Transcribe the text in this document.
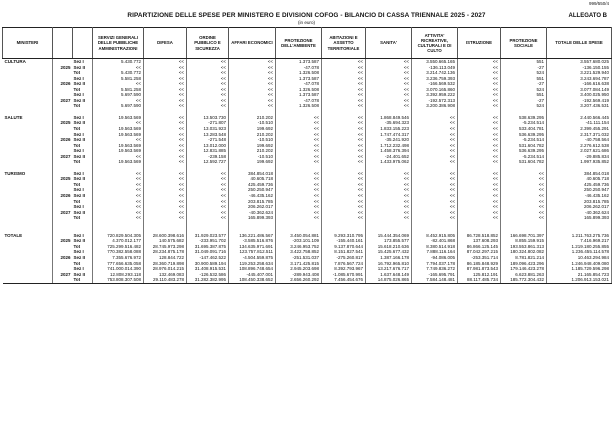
999/550/4
RIPARTIZIONE DELLE SPESE PER MINISTERO E DIVISIONI COFOG - BILANCIO DI CASSA TRIENNALE 2025 - 2027
(in euro)
ALLEGATO B
MINISTERI			SERVIZI GENERALI DELLE PUBBLICHE AMMINISTRAZIONI	DIFESA	ORDINE PUBBLICO E SICUREZZA	AFFARI ECONOMICI	PROTEZIONE DELL'AMBIENTE	ABITAZIONI E ASSETTO TERRITORIALE	SANITA'	ATTIVITA' RICREATIVE, CULTURALI E DI CULTO	ISTRUZIONE	PROTEZIONE SOCIALE	TOTALE DELLE SPESE
CULTURA		Sez I	5.430.772	<<	<<	<<	1.373.587	<<	<<	3.550.665.165	<<	551	3.557.680.025
	2025	Sez II	<<	<<	<<	<<	-47.078	<<	<<	-136.113.049	<<	-27	-136.150.155
		Tot	5.430.772	<<	<<	<<	1.326.508	<<	<<	3.214.742.136	<<	524	3.221.529.940
		Sez I	5.581.258	<<	<<	<<	1.373.587	<<	<<	3.236.759.393	<<	551	3.243.694.787
	2026	Sez II	<<	<<	<<	<<	-47.078	<<	<<	-166.569.532	<<	-27	-166.616.638
		Tot	5.581.258	<<	<<	<<	1.326.508	<<	<<	3.070.165.860	<<	524	3.077.084.149
		Sez I	5.697.590	<<	<<	<<	1.373.587	<<	<<	3.392.959.222	<<	551	3.400.025.950
	2027	Sez II	<<	<<	<<	<<	-47.078	<<	<<	-192.572.313	<<	-27	-192.569.419
		Tot	5.697.590	<<	<<	<<	1.326.508	<<	<<	3.200.386.908	<<	524	3.207.436.531

SALUTE		Sez I	19.563.569	<<	13.503.730	210.202	<<	<<	1.868.849.546	<<	<<	538.639.295	2.440.566.445
	2025	Sez II	<<	<<	-271.807	-10.510	<<	<<	-35.694.323	<<	<<	-5.234.514	-41.111.154
		Tot	19.563.569	<<	13.031.923	199.692	<<	<<	1.833.155.223	<<	<<	533.404.781	2.399.455.291
		Sez I	19.563.569	<<	13.283.548	210.202	<<	<<	1.747.474.317	<<	<<	536.639.295	2.317.371.032
	2026	Sez II	<<	<<	-271.548	-10.510	<<	<<	-35.241.920	<<	<<	-5.234.514	-40.758.564
		Tot	19.563.569	<<	13.012.000	199.692	<<	<<	1.712.232.498	<<	<<	531.604.782	2.276.612.538
		Sez I	19.563.569	<<	12.831.885	210.202	<<	<<	1.458.376.394	<<	<<	536.639.295	2.027.621.686
	2027	Sez II	<<	<<	-239.158	-10.510	<<	<<	-24.401.652	<<	<<	-5.234.514	-29.885.834
		Tot	19.563.569	<<	12.592.727	199.692	<<	<<	1.433.975.062	<<	<<	531.604.782	1.997.935.852

TURISMO		Sez I	<<	<<	<<	384.854.018	<<	<<	<<	<<	<<	<<	384.854.018
	2025	Sez II	<<	<<	<<	40.605.718	<<	<<	<<	<<	<<	<<	40.605.718
		Tot	<<	<<	<<	425.459.736	<<	<<	<<	<<	<<	<<	425.459.736
		Sez I	<<	<<	<<	250.250.947	<<	<<	<<	<<	<<	<<	250.250.947
	2026	Sez II	<<	<<	<<	-46.435.162	<<	<<	<<	<<	<<	<<	-46.435.162
		Tot	<<	<<	<<	203.815.785	<<	<<	<<	<<	<<	<<	203.815.785
		Sez I	<<	<<	<<	206.262.017	<<	<<	<<	<<	<<	<<	206.262.017
	2027	Sez II	<<	<<	<<	-40.362.624	<<	<<	<<	<<	<<	<<	-40.362.624
		Tot	<<	<<	<<	165.899.393	<<	<<	<<	<<	<<	<<	165.899.393

TOTALE		Sez I	720.829.504.305	28.600.398.616	31.929.023.577	136.221.486.567	3.450.054.881	9.293.310.795	15.444.354.069	8.452.915.805	86.728.518.852	166.698.701.397	1.211.763.275.736
	2025	Sez II	4.370.012.177	140.575.682	-233.951.702	-3.585.516.876	-203.101.109	-155.440.161	173.855.577	-82.401.868	137.608.293	8.855.159.915	7.416.969.217
		Tot	725.299.516.482	28.745.973.298	31.695.387.875	134.635.971.691	3.246.953.752	9.137.870.644	15.618.210.636	8.380.514.918	86.866.125.145	193.553.861.313	1.219.180.255.855
		Sez I	770.382.558.088	28.234.875.178	31.049.091.716	123.757.812.511	3.422.758.852	8.151.827.541	15.425.677.432	7.888.116.164	87.042.297.215	180.324.802.082	1.236.455.114.578
	2026	Sez II	7.355.676.972	128.844.722	-147.462.522	-4.504.559.875	-251.531.037	-275.260.817	1.387.166.178	-94.086.005	-253.351.714	8.781.821.214	10.463.294.984
		Tot	777.656.635.058	28.360.719.898	30.900.589.194	119.253.258.634	3.171.425.815	7.876.567.724	16.792.965.810	7.794.037.178	86.185.848.929	189.096.423.296	1.246.948.409.080
		Sez I	741.000.014.390	28.976.014.215	31.408.915.531	108.896.748.654	2.945.203.698	8.392.793.967	13.217.676.717	7.749.836.272	87.981.873.543	179.146.423.278	1.185.729.596.298
	2027	Sez II	12.808.293.118	132.469.083	-126.532.586	-445.407.001	-289.943.408	-1.085.670.991	1.637.648.149	-165.695.791	125.812.191	6.623.881.263	21.165.854.723
		Tot	753.808.307.508	29.110.483.278	31.282.382.995	108.450.338.652	2.656.260.292	7.456.454.676	14.875.026.865	7.584.148.481	88.117.485.734	185.772.304.432	1.206.913.153.021
